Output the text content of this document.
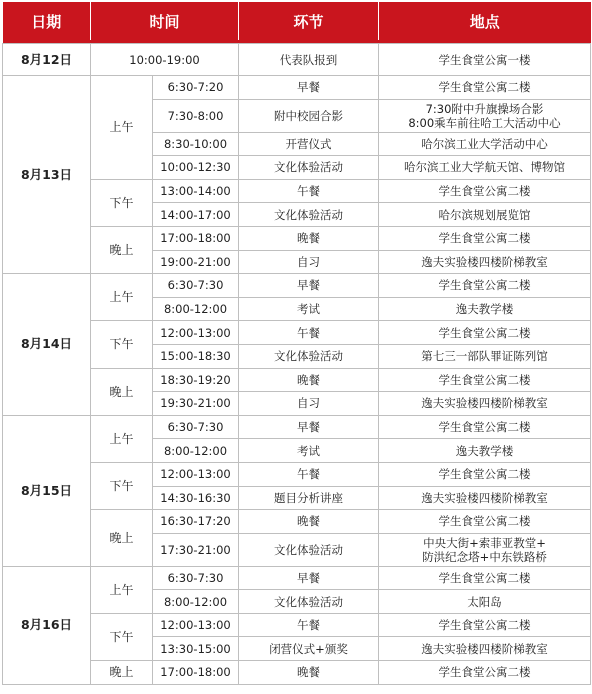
日期	时间		环节	地点

8月12日	10:00-19:00		代表队报到	学生食堂公寓一楼
8月13日	上午	6:30-7:20	早餐	学生食堂公寓二楼
		7:30-8:00	附中校园合影	7:30附中升旗操场合影
8:00乘车前往哈工大活动中心
		8:30-10:00	开营仪式	哈尔滨工业大学活动中心
		10:00-12:30	文化体验活动	哈尔滨工业大学航天馆、博物馆
	下午	13:00-14:00	午餐	学生食堂公寓二楼
		14:00-17:00	文化体验活动	哈尔滨规划展览馆
	晚上	17:00-18:00	晚餐	学生食堂公寓二楼
		19:00-21:00	自习	逸夫实验楼四楼阶梯教室
8月14日	上午	6:30-7:30	早餐	学生食堂公寓二楼
		8:00-12:00	考试	逸夫教学楼
	下午	12:00-13:00	午餐	学生食堂公寓二楼
		15:00-18:30	文化体验活动	第七三一部队罪证陈列馆
	晚上	18:30-19:20	晚餐	学生食堂公寓二楼
		19:30-21:00	自习	逸夫实验楼四楼阶梯教室
8月15日	上午	6:30-7:30	早餐	学生食堂公寓二楼
		8:00-12:00	考试	逸夫教学楼
	下午	12:00-13:00	午餐	学生食堂公寓二楼
		14:30-16:30	题目分析讲座	逸夫实验楼四楼阶梯教室
	晚上	16:30-17:20	晚餐	学生食堂公寓二楼
		17:30-21:00	文化体验活动	中央大街+索菲亚教堂+
防洪纪念塔+中东铁路桥
8月16日	上午	6:30-7:30	早餐	学生食堂公寓二楼
		8:00-12:00	文化体验活动	太阳岛
	下午	12:00-13:00	午餐	学生食堂公寓二楼
		13:30-15:00	闭营仪式+颁奖	逸夫实验楼四楼阶梯教室
	晚上	17:00-18:00	晚餐	学生食堂公寓二楼
